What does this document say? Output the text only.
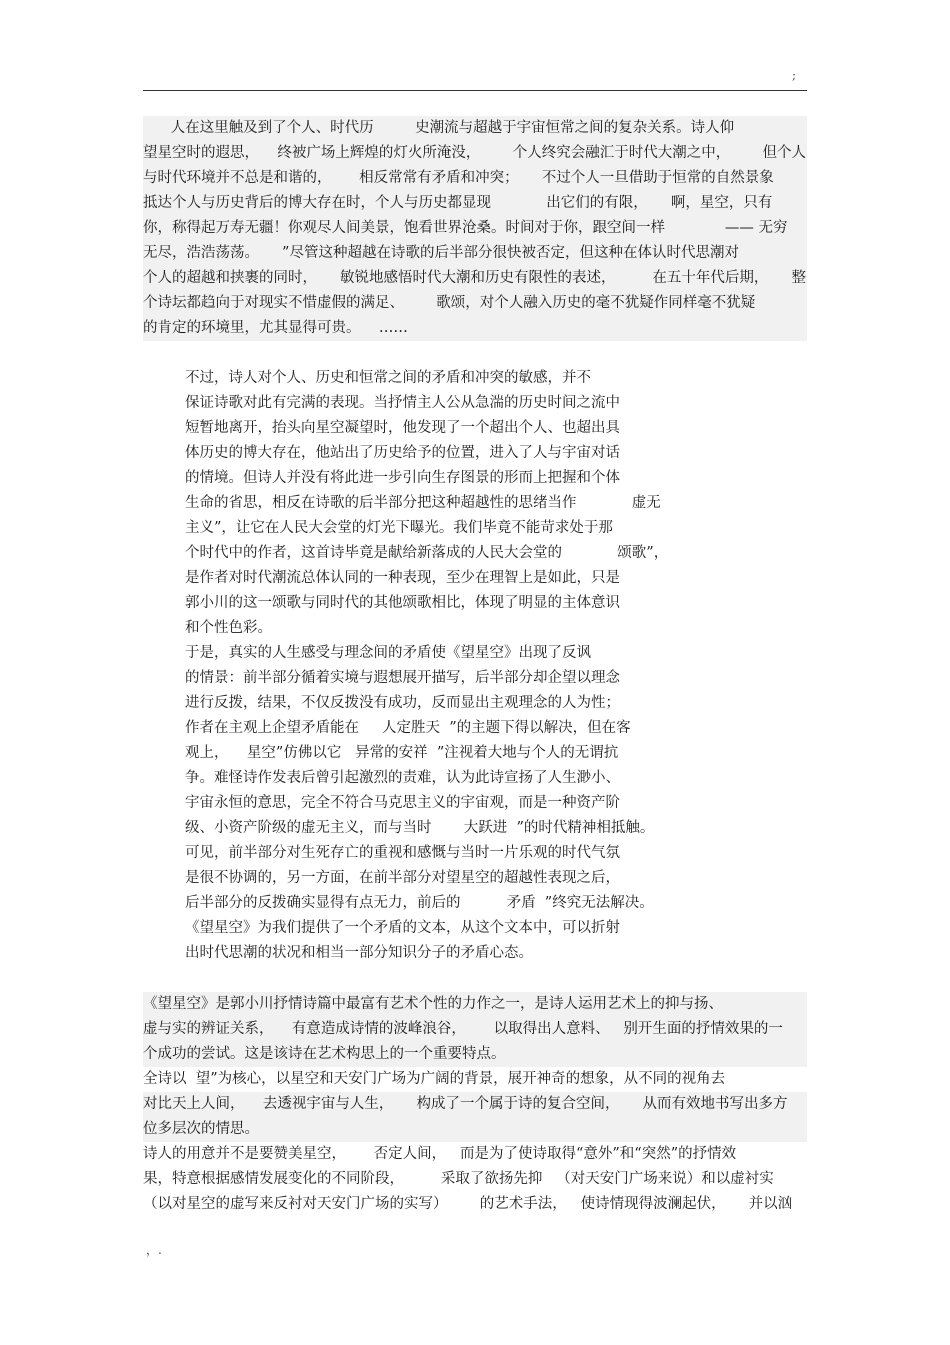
;
人在这里触及到了个人、时代历         史潮流与超越于宇宙恒常之间的复杂关系。诗人仰
望星空时的遐思，    终被广场上辉煌的灯火所淹没，       个人终究会融汇于时代大潮之中，       但个人
与时代环境并不总是和谐的，      相反常常有矛盾和冲突；     不过个人一旦借助于恒常的自然景象
抵达个人与历史背后的博大存在时，个人与历史都显现            出它们的有限，     啊，星空，只有
你，称得起万寿无疆！你观尽人间美景，饱看世界沧桑。时间对于你，跟空间一样             —— 无穷
无尽，浩浩荡荡。     ”尽管这种超越在诗歌的后半部分很快被否定，但这种在体认时代思潮对
个人的超越和挟裹的同时，     敏锐地感悟时代大潮和历史有限性的表述，        在五十年代后期，     整
个诗坛都趋向于对现实不惜虚假的满足、       歌颂，对个人融入历史的毫不犹疑作同样毫不犹疑
的肯定的环境里，尤其显得可贵。    ……
不过，诗人对个人、历史和恒常之间的矛盾和冲突的敏感，并不
保证诗歌对此有完满的表现。当抒情主人公从急湍的历史时间之流中
短暂地离开，抬头向星空凝望时，他发现了一个超出个人、也超出具
体历史的博大存在，他站出了历史给予的位置，进入了人与宇宙对话
的情境。但诗人并没有将此进一步引向生存图景的形而上把握和个体
生命的省思，相反在诗歌的后半部分把这种超越性的思绪当作            虚无
主义”，让它在人民大会堂的灯光下曝光。我们毕竟不能苛求处于那
个时代中的作者，这首诗毕竟是献给新落成的人民大会堂的            颂歌”，
是作者对时代潮流总体认同的一种表现，至少在理智上是如此，只是
郭小川的这一颂歌与同时代的其他颂歌相比，体现了明显的主体意识
和个性色彩。
于是，真实的人生感受与理念间的矛盾使《望星空》出现了反讽
的情景：前半部分循着实境与遐想展开描写，后半部分却企望以理念
进行反拨，结果，不仅反拨没有成功，反而显出主观理念的人为性；
作者在主观上企望矛盾能在     人定胜天  ”的主题下得以解决，但在客
观上，    星空”仿佛以它   异常的安祥  ”注视着大地与个人的无谓抗
争。难怪诗作发表后曾引起激烈的责难，认为此诗宣扬了人生渺小、
宇宙永恒的意思，完全不符合马克思主义的宇宙观，而是一种资产阶
级、小资产阶级的虚无主义，而与当时       大跃进  ”的时代精神相抵触。
可见，前半部分对生死存亡的重视和感慨与当时一片乐观的时代气氛
是很不协调的，另一方面，在前半部分对望星空的超越性表现之后，
后半部分的反拨确实显得有点无力，前后的          矛盾  ”终究无法解决。
《望星空》为我们提供了一个矛盾的文本，从这个文本中，可以折射
出时代思潮的状况和相当一部分知识分子的矛盾心态。
《望星空》是郭小川抒情诗篇中最富有艺术个性的力作之一，是诗人运用艺术上的抑与扬、
虚与实的辨证关系，    有意造成诗情的波峰浪谷，      以取得出人意料、   别开生面的抒情效果的一
个成功的尝试。这是该诗在艺术构思上的一个重要特点。
全诗以  望”为核心，以星空和天安门广场为广阔的背景，展开神奇的想象，从不同的视角去
对比天上人间，    去透视宇宙与人生，     构成了一个属于诗的复合空间，     从而有效地书写出多方
位多层次的情思。
诗人的用意并不是要赞美星空，      否定人间，   而是为了使诗取得“意外”和“突然”的抒情效
果，特意根据感情发展变化的不同阶段，        采取了欲扬先抑   （对天安门广场来说）和以虚衬实
（以对星空的虚写来反衬对天安门广场的实写）       的艺术手法，   使诗情现得波澜起伏，     并以汹
，.
